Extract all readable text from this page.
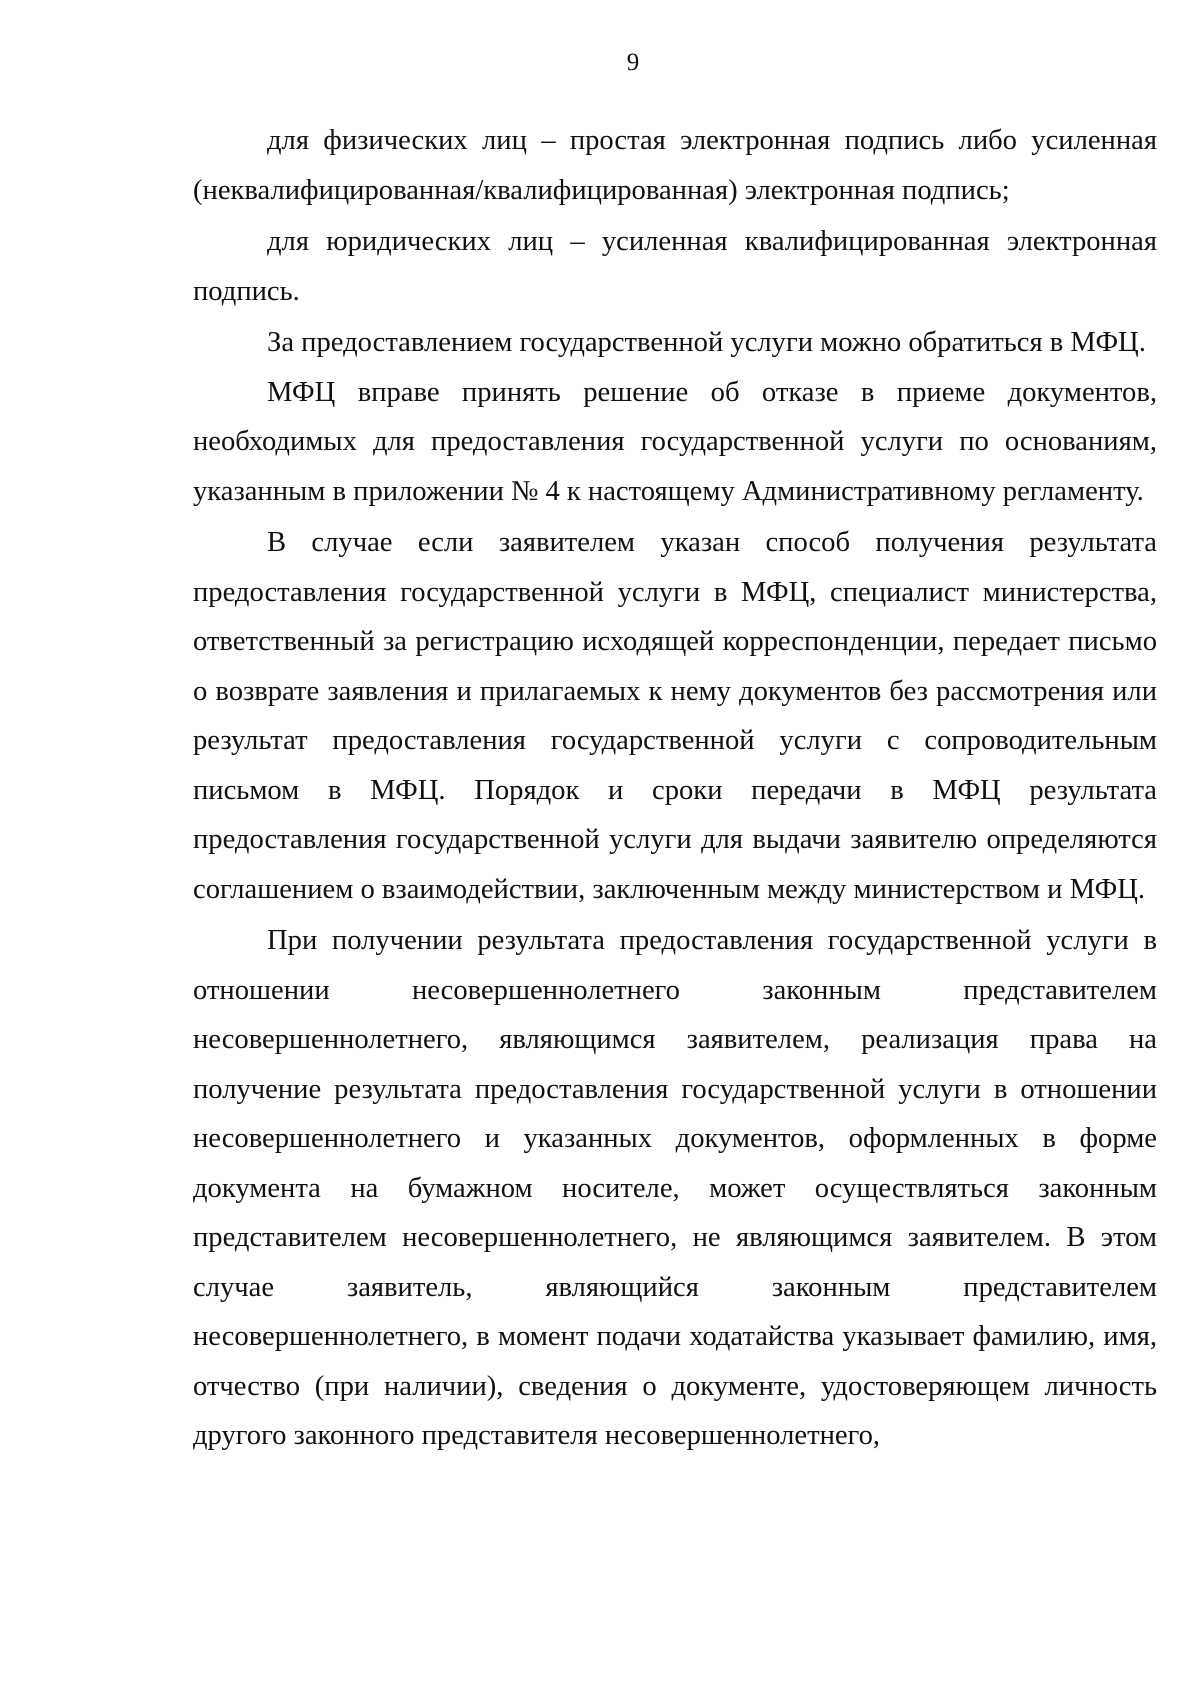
9

для физических лиц – простая электронная подпись либо усиленная (неквалифицированная/квалифицированная) электронная подпись;

для юридических лиц – усиленная квалифицированная электронная подпись.

За предоставлением государственной услуги можно обратиться в МФЦ.

МФЦ вправе принять решение об отказе в приеме документов, необходимых для предоставления государственной услуги по основаниям, указанным в приложении № 4 к настоящему Административному регламенту.

В случае если заявителем указан способ получения результата предоставления государственной услуги в МФЦ, специалист министерства, ответственный за регистрацию исходящей корреспонденции, передает письмо о возврате заявления и прилагаемых к нему документов без рассмотрения или результат предоставления государственной услуги с сопроводительным письмом в МФЦ. Порядок и сроки передачи в МФЦ результата предоставления государственной услуги для выдачи заявителю определяются соглашением о взаимодействии, заключенным между министерством и МФЦ.

При получении результата предоставления государственной услуги в отношении несовершеннолетнего законным представителем несовершеннолетнего, являющимся заявителем, реализация права на получение результата предоставления государственной услуги в отношении несовершеннолетнего и указанных документов, оформленных в форме документа на бумажном носителе, может осуществляться законным представителем несовершеннолетнего, не являющимся заявителем. В этом случае заявитель, являющийся законным представителем несовершеннолетнего, в момент подачи ходатайства указывает фамилию, имя, отчество (при наличии), сведения о документе, удостоверяющем личность другого законного представителя несовершеннолетнего,
